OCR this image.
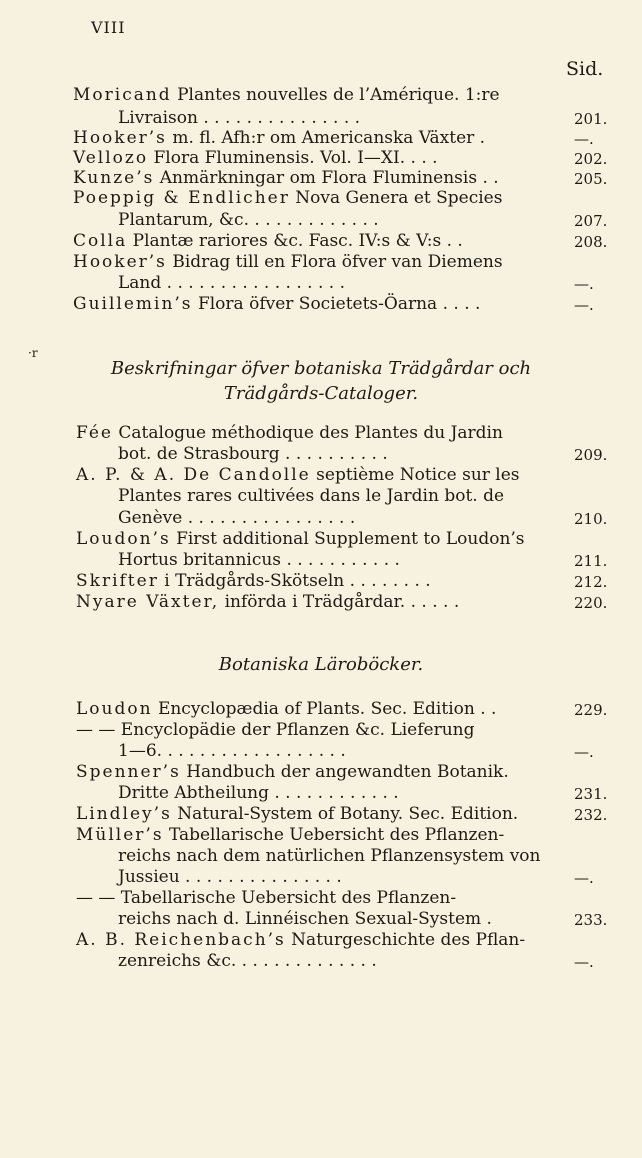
VIII
Sid.
·r
Moricand Plantes nouvelles de l’Amérique. 1:re
Livraison . . . . . . . . . . . . . . .	201.
Hooker’s m. fl. Afh:r om Americanska Växter .	—.
Vellozo Flora Fluminensis. Vol. I—XI. . . .	202.
Kunze’s Anmärkningar om Flora Fluminensis . .	205.
Poeppig & Endlicher Nova Genera et Species
Plantarum, &c. . . . . . . . . . . . .	207.
Colla Plantæ rariores &c. Fasc. IV:s & V:s . .	208.
Hooker’s Bidrag till en Flora öfver van Diemens
Land . . . . . . . . . . . . . . . . .	—.
Guillemin’s Flora öfver Societets-Öarna . . . .	—.
Beskrifningar öfver botaniska Trädgårdar och
Trädgårds-Cataloger.
Fée Catalogue méthodique des Plantes du Jardin
bot. de Strasbourg . . . . . . . . . .	209.
A. P. & A. De Candolle septième Notice sur les
Plantes rares cultivées dans le Jardin bot. de
Genève . . . . . . . . . . . . . . . .	210.
Loudon’s First additional Supplement to Loudon’s
Hortus britannicus . . . . . . . . . . .	211.
Skrifter i Trädgårds-Skötseln . . . . . . . .	212.
Nyare Växter, införda i Trädgårdar. . . . . .	220.
Botaniska Läroböcker.
Loudon Encyclopædia of Plants. Sec. Edition . .	229.
— — Encyclopädie der Pflanzen &c. Lieferung
1—6. . . . . . . . . . . . . . . . . .	—.
Spenner’s Handbuch der angewandten Botanik.
Dritte Abtheilung . . . . . . . . . . . .	231.
Lindley’s Natural-System of Botany. Sec. Edition.	232.
Müller’s Tabellarische Uebersicht des Pflanzen-
reichs nach dem natürlichen Pflanzensystem von
Jussieu . . . . . . . . . . . . . . .	—.
— — Tabellarische Uebersicht des Pflanzen-
reichs nach d. Linnéischen Sexual-System .	233.
A. B. Reichenbach’s Naturgeschichte des Pflan-
zenreichs &c. . . . . . . . . . . . . .	—.
